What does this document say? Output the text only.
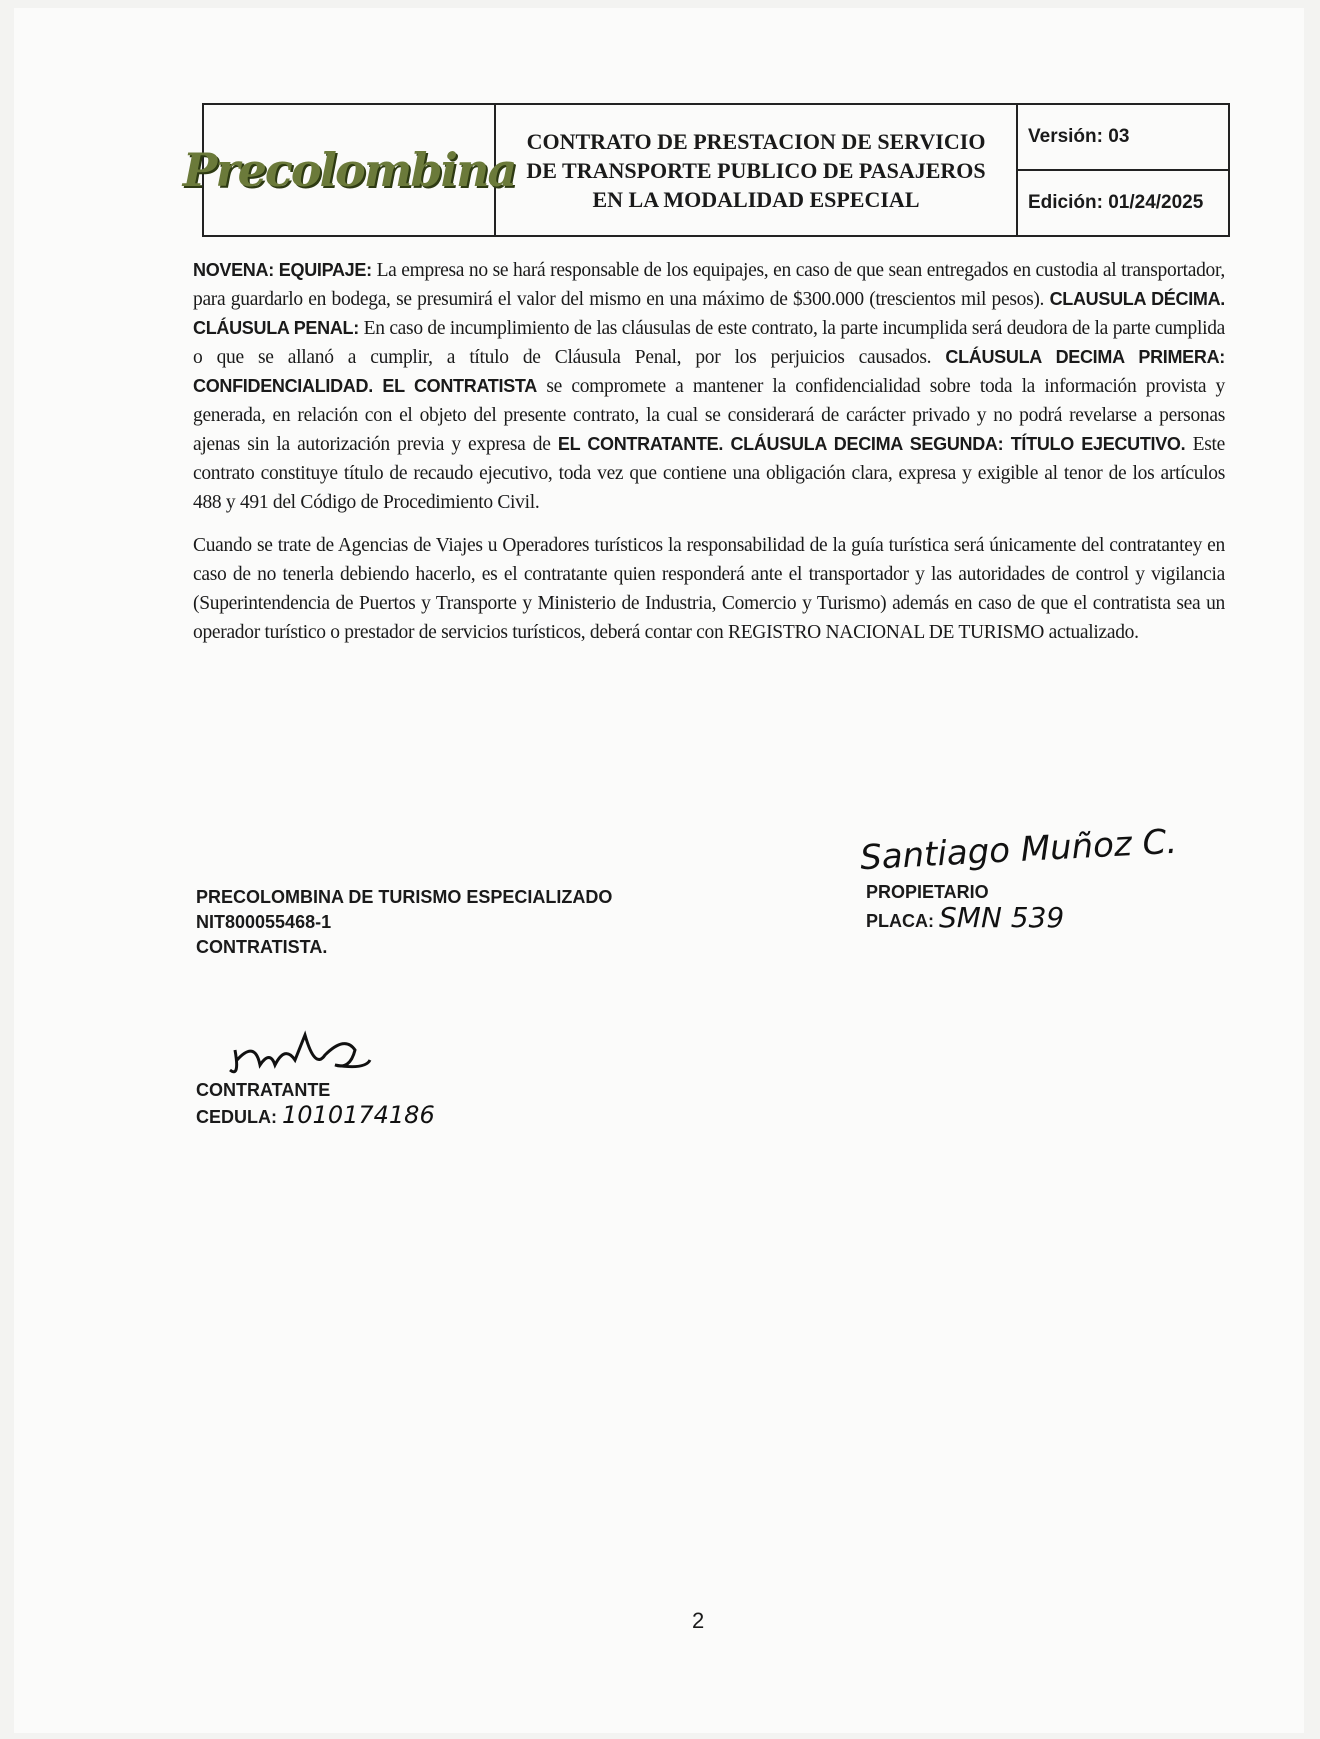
Precolombina
CONTRATO DE PRESTACION DE SERVICIO
DE TRANSPORTE PUBLICO DE PASAJEROS
EN LA MODALIDAD ESPECIAL
Versión: 03
Edición: 01/24/2025

NOVENA: EQUIPAJE: La empresa no se hará responsable de los equipajes, en caso de que sean entregados en custodia al transportador, para guardarlo en bodega, se presumirá el valor del mismo en una máximo de $300.000 (trescientos mil pesos). CLAUSULA DÉCIMA. CLÁUSULA PENAL: En caso de incumplimiento de las cláusulas de este contrato, la parte incumplida será deudora de la parte cumplida o que se allanó a cumplir, a título de Cláusula Penal, por los perjuicios causados. CLÁUSULA DECIMA PRIMERA: CONFIDENCIALIDAD. EL CONTRATISTA se compromete a mantener la confidencialidad sobre toda la información provista y generada, en relación con el objeto del presente contrato, la cual se considerará de carácter privado y no podrá revelarse a personas ajenas sin la autorización previa y expresa de EL CONTRATANTE. CLÁUSULA DECIMA SEGUNDA: TÍTULO EJECUTIVO. Este contrato constituye título de recaudo ejecutivo, toda vez que contiene una obligación clara, expresa y exigible al tenor de los artículos 488 y 491 del Código de Procedimiento Civil.

Cuando se trate de Agencias de Viajes u Operadores turísticos la responsabilidad de la guía turística será únicamente del contratantey en caso de no tenerla debiendo hacerlo, es el contratante quien responderá ante el transportador y las autoridades de control y vigilancia (Superintendencia de Puertos y Transporte y Ministerio de Industria, Comercio y Turismo) además en caso de que el contratista sea un operador turístico o prestador de servicios turísticos, deberá contar con REGISTRO NACIONAL DE TURISMO actualizado.

PRECOLOMBINA DE TURISMO ESPECIALIZADO
NIT800055468-1
CONTRATISTA.
Santiago Muñoz C.
PROPIETARIO
PLACA: SMN 539
CONTRATANTE
CEDULA: 1010174186
2
